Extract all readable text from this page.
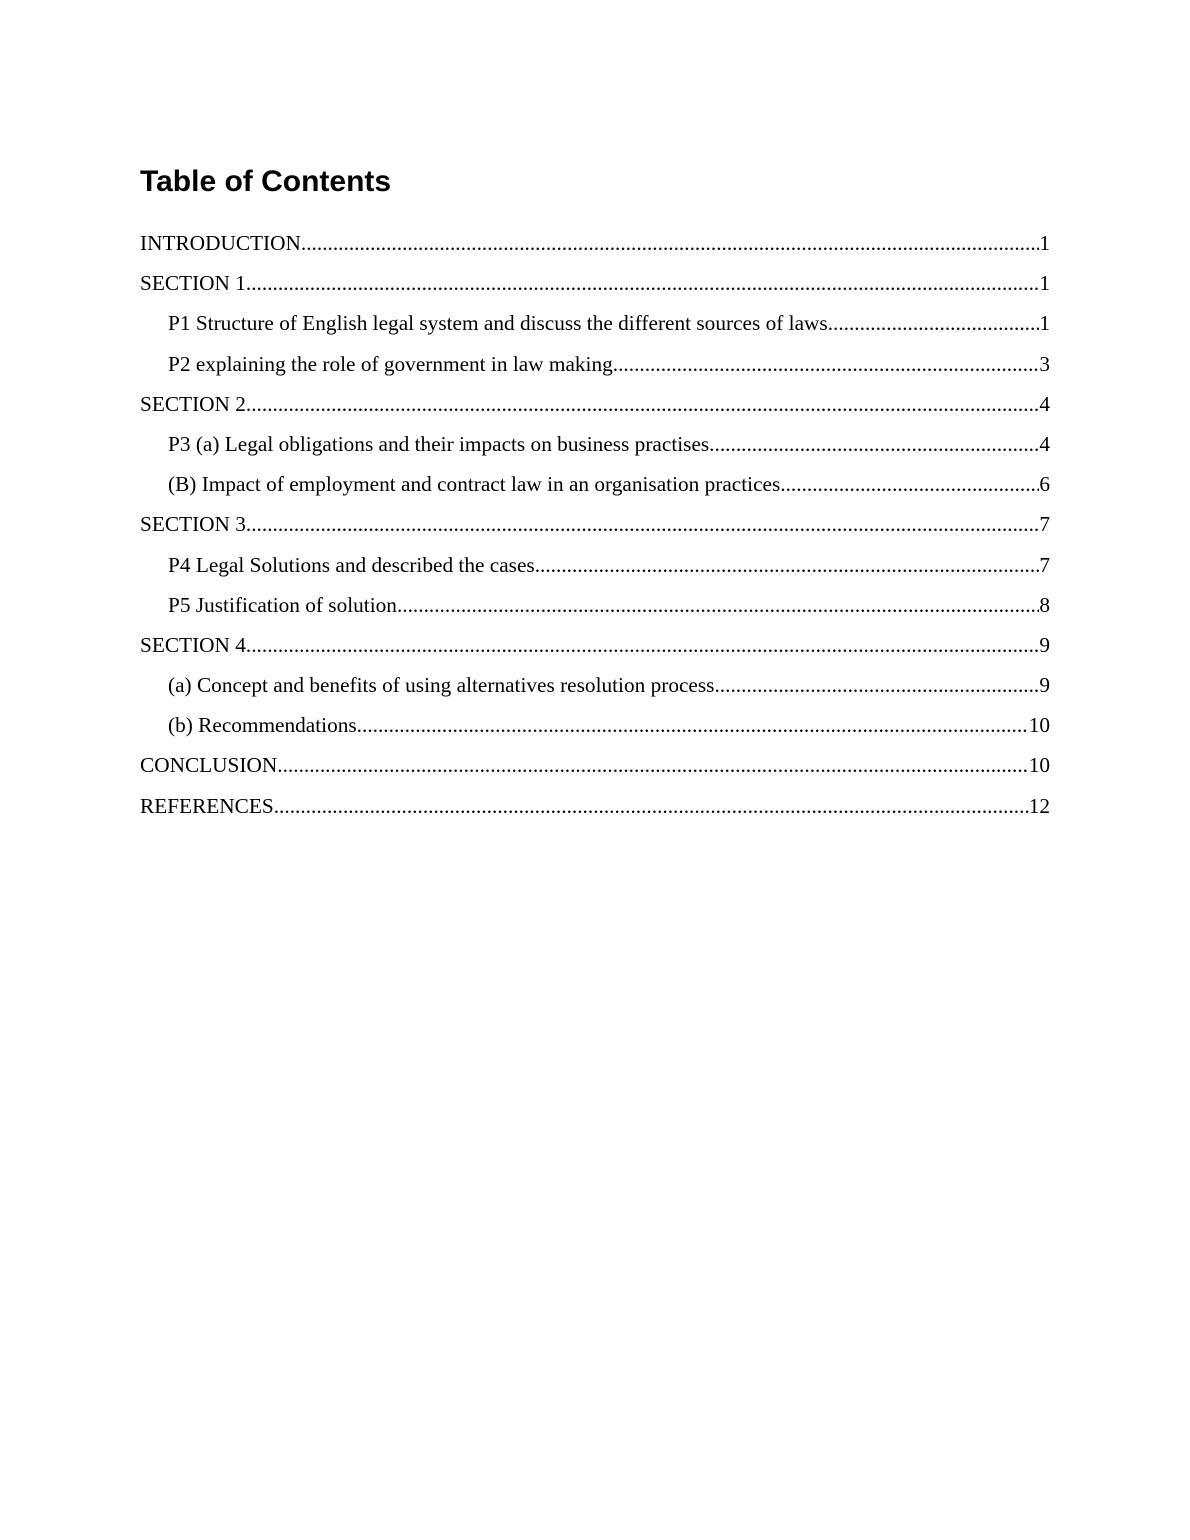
Table of Contents
INTRODUCTION .....	1
SECTION 1 .....	1
P1 Structure of English legal system and discuss the different sources of laws .....	1
P2 explaining the role of government in law making .....	3
SECTION 2 .....	4
P3 (a) Legal obligations and their impacts on business practises. .....	4
(B) Impact of employment and contract law in an organisation practices. .....	6
SECTION 3 .....	7
P4 Legal Solutions and described the cases .....	7
P5 Justification of solution .....	8
SECTION 4 .....	9
(a) Concept and benefits of using alternatives resolution process .....	9
(b) Recommendations. .....	10
CONCLUSION .....	10
REFERENCES .....	12
